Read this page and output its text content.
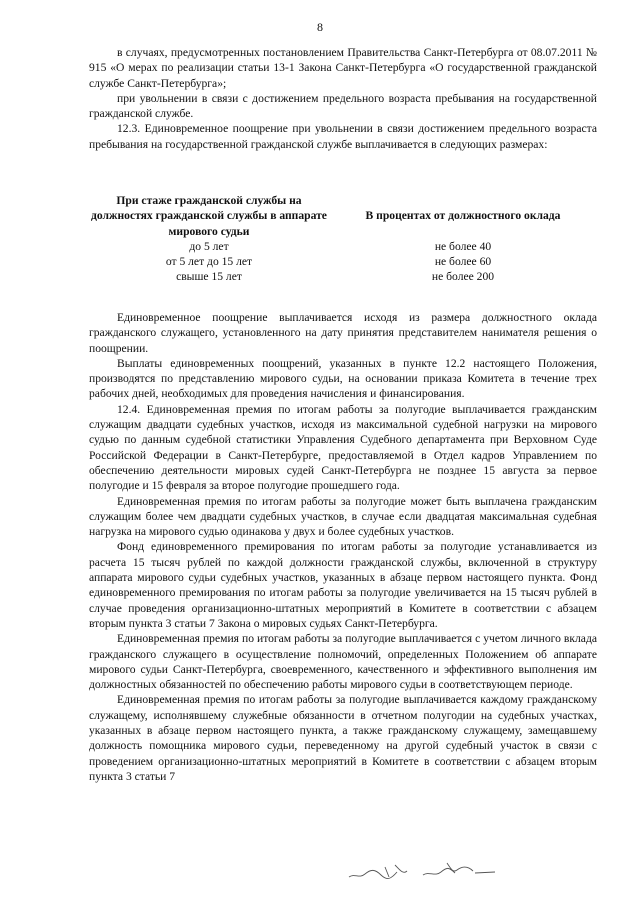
8

в случаях, предусмотренных постановлением Правительства Санкт-Петербурга от 08.07.2011 № 915 «О мерах по реализации статьи 13-1 Закона Санкт-Петербурга «О государственной гражданской службе Санкт-Петербурга»;

при увольнении в связи с достижением предельного возраста пребывания на государственной гражданской службе.

12.3. Единовременное поощрение при увольнении в связи достижением предельного возраста пребывания на государственной гражданской службе выплачивается в следующих размерах:

При стаже гражданской службы на должностях гражданской службы в аппарате мирового судьи
В процентах от должностного оклада
до 5 лет	не более 40
от 5 лет до 15 лет	не более 60
свыше 15 лет	не более 200

Единовременное поощрение выплачивается исходя из размера должностного оклада гражданского служащего, установленного на дату принятия представителем нанимателя решения о поощрении.

Выплаты единовременных поощрений, указанных в пункте 12.2 настоящего Положения, производятся по представлению мирового судьи, на основании приказа Комитета в течение трех рабочих дней, необходимых для проведения начисления и финансирования.

12.4. Единовременная премия по итогам работы за полугодие выплачивается гражданским служащим двадцати судебных участков, исходя из максимальной судебной нагрузки на мирового судью по данным судебной статистики Управления Судебного департамента при Верховном Суде Российской Федерации в Санкт-Петербурге, предоставляемой в Отдел кадров Управлением по обеспечению деятельности мировых судей Санкт-Петербурга не позднее 15 августа за первое полугодие и 15 февраля за второе полугодие прошедшего года.

Единовременная премия по итогам работы за полугодие может быть выплачена гражданским служащим более чем двадцати судебных участков, в случае если двадцатая максимальная судебная нагрузка на мирового судью одинакова у двух и более судебных участков.

Фонд единовременного премирования по итогам работы за полугодие устанавливается из расчета 15 тысяч рублей по каждой должности гражданской службы, включенной в структуру аппарата мирового судьи судебных участков, указанных в абзаце первом настоящего пункта. Фонд единовременного премирования по итогам работы за полугодие увеличивается на 15 тысяч рублей в случае проведения организационно-штатных мероприятий в Комитете в соответствии с абзацем вторым пункта 3 статьи 7 Закона о мировых судьях Санкт-Петербурга.

Единовременная премия по итогам работы за полугодие выплачивается с учетом личного вклада гражданского служащего в осуществление полномочий, определенных Положением об аппарате мирового судьи Санкт-Петербурга, своевременного, качественного и эффективного выполнения им должностных обязанностей по обеспечению работы мирового судьи в соответствующем периоде.

Единовременная премия по итогам работы за полугодие выплачивается каждому гражданскому служащему, исполнявшему служебные обязанности в отчетном полугодии на судебных участках, указанных в абзаце первом настоящего пункта, а также гражданскому служащему, замещавшему должность помощника мирового судьи, переведенному на другой судебный участок в связи с проведением организационно-штатных мероприятий в Комитете в соответствии с абзацем вторым пункта 3 статьи 7
